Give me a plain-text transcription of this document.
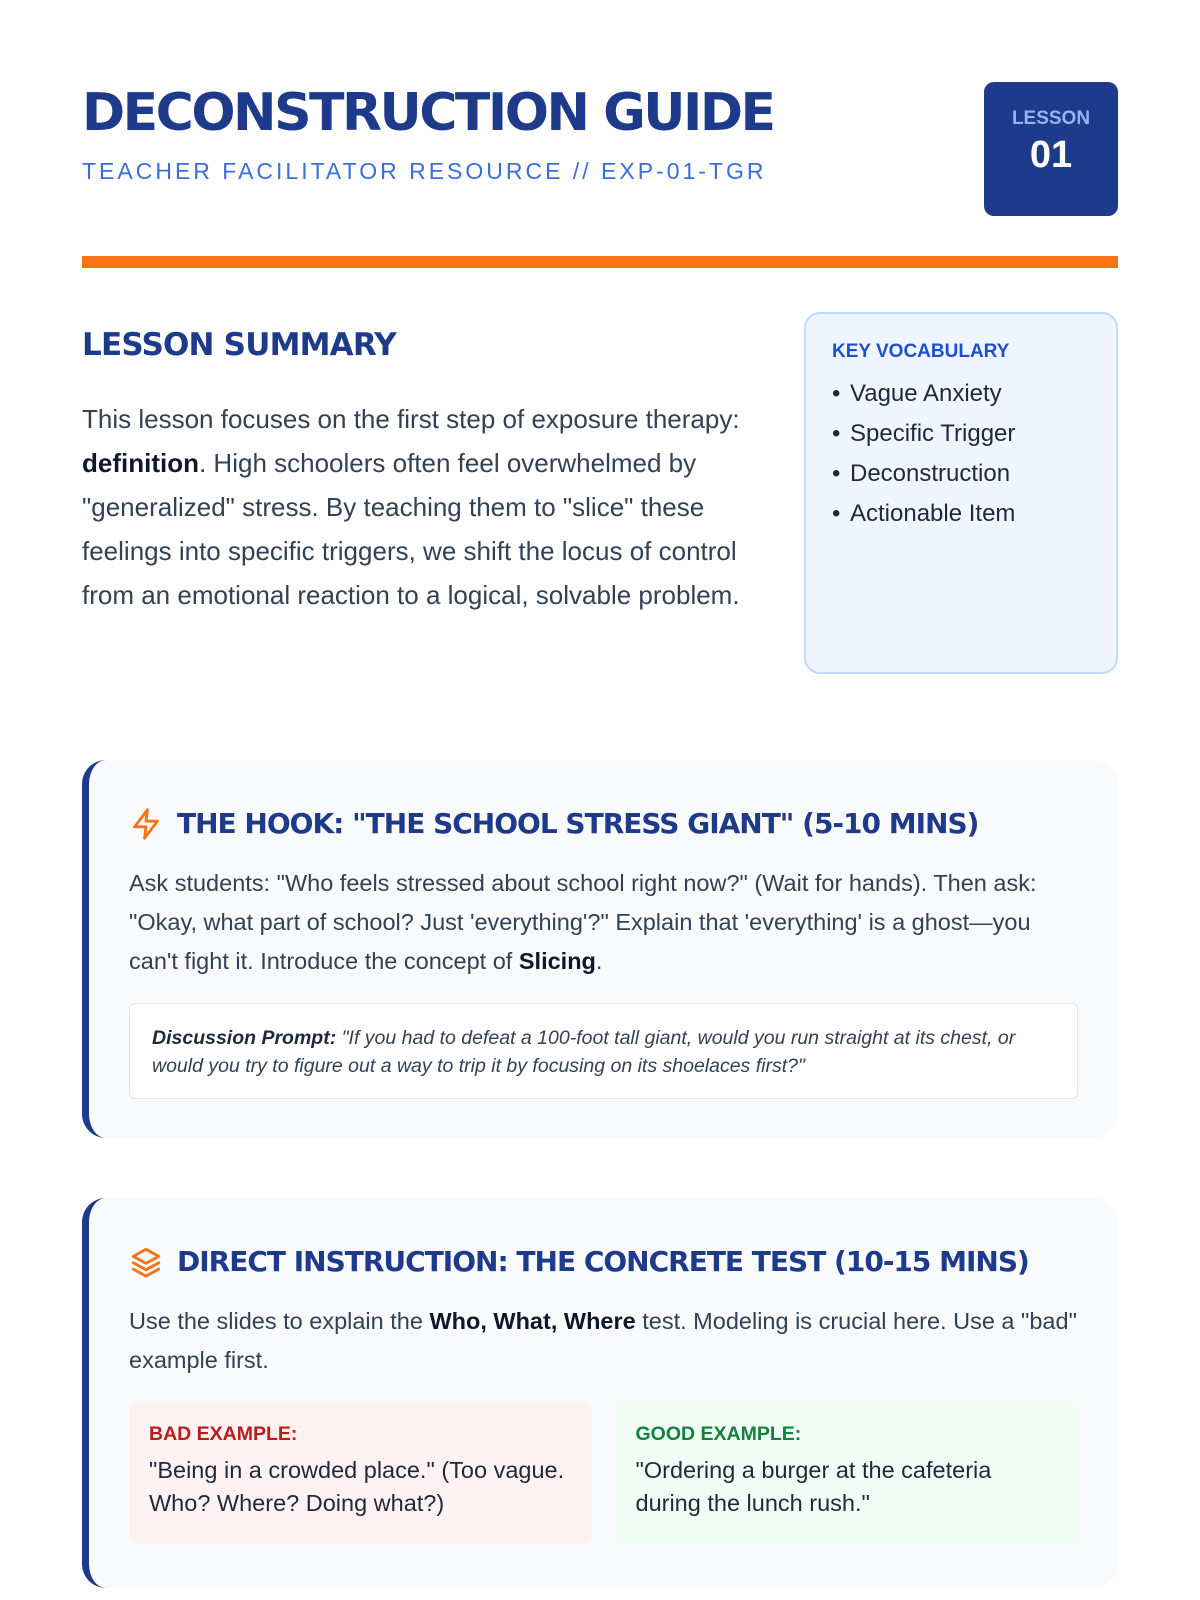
DECONSTRUCTION GUIDE
TEACHER FACILITATOR RESOURCE // EXP-01-TGR
LESSON
01
LESSON SUMMARY

This lesson focuses on the first step of exposure therapy: definition. High schoolers often feel overwhelmed by "generalized" stress. By teaching them to "slice" these feelings into specific triggers, we shift the locus of control from an emotional reaction to a logical, solvable problem.

KEY VOCABULARY
• Vague Anxiety
• Specific Trigger
• Deconstruction
• Actionable Item
THE HOOK: "THE SCHOOL STRESS GIANT" (5-10 MINS)

Ask students: "Who feels stressed about school right now?" (Wait for hands). Then ask: "Okay, what part of school? Just 'everything'?" Explain that 'everything' is a ghost—you can't fight it. Introduce the concept of Slicing.

Discussion Prompt: "If you had to defeat a 100-foot tall giant, would you run straight at its chest, or would you try to figure out a way to trip it by focusing on its shoelaces first?"
DIRECT INSTRUCTION: THE CONCRETE TEST (10-15 MINS)

Use the slides to explain the Who, What, Where test. Modeling is crucial here. Use a "bad" example first.

BAD EXAMPLE:

"Being in a crowded place." (Too vague. Who? Where? Doing what?)

GOOD EXAMPLE:

"Ordering a burger at the cafeteria during the lunch rush."
